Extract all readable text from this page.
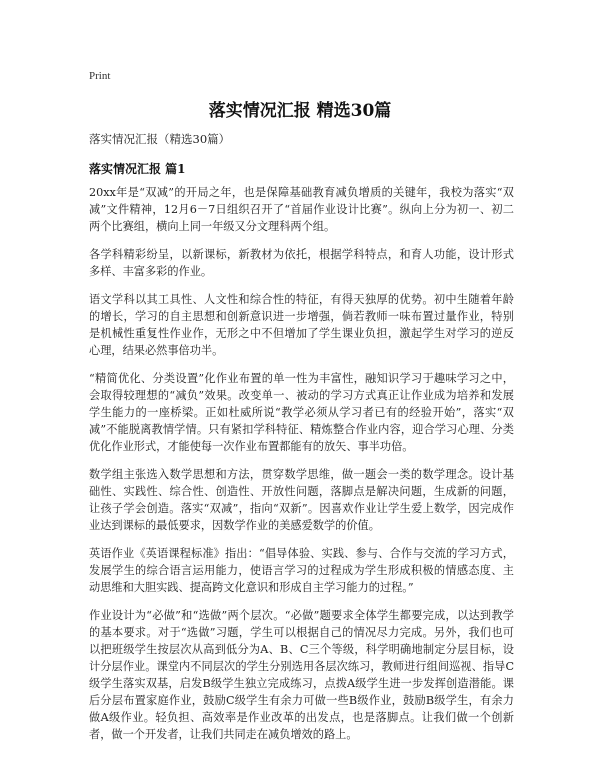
Print
落实情况汇报 精选30篇
落实情况汇报（精选30篇）
落实情况汇报 篇1

20xx年是“双减”的开局之年，也是保障基础教育减负增质的关键年，我校为落实“双减”文件精神，12月6－7日组织召开了“首届作业设计比赛”。纵向上分为初一、初二两个比赛组，横向上同一年级又分文理科两个组。

各学科精彩纷呈，以新课标，新教材为依托，根据学科特点，和育人功能，设计形式多样、丰富多彩的作业。

语文学科以其工具性、人文性和综合性的特征，有得天独厚的优势。初中生随着年龄的增长，学习的自主思想和创新意识进一步增强，倘若教师一味布置过量作业，特别是机械性重复性作业作，无形之中不但增加了学生课业负担，激起学生对学习的逆反心理，结果必然事倍功半。

“精简优化、分类设置”化作业布置的单一性为丰富性，融知识学习于趣味学习之中，会取得较理想的“减负”效果。改变单一、被动的学习方式真正让作业成为培养和发展学生能力的一座桥梁。正如杜威所说“教学必须从学习者已有的经验开始”，落实“双减”不能脱离教情学情。只有紧扣学科特征、精炼整合作业内容，迎合学习心理、分类优化作业形式，才能使每一次作业布置都能有的放矢、事半功倍。

数学组主张选入数学思想和方法，贯穿数学思维，做一题会一类的数学理念。设计基础性、实践性、综合性、创造性、开放性问题，落脚点是解决问题，生成新的问题，让孩子学会创造。落实“双减”，指向“双新”。因喜欢作业让学生爱上数学，因完成作业达到课标的最低要求，因数学作业的美感爱数学的价值。

英语作业《英语课程标准》指出：“倡导体验、实践、参与、合作与交流的学习方式，发展学生的综合语言运用能力，使语言学习的过程成为学生形成积极的情感态度、主动思维和大胆实践、提高跨文化意识和形成自主学习能力的过程。”

作业设计为“必做”和“选做”两个层次。“必做”题要求全体学生都要完成，以达到教学的基本要求。对于“选做”习题，学生可以根据自己的情况尽力完成。另外，我们也可以把班级学生按层次从高到低分为A、B、C三个等级，科学明确地制定分层目标，设计分层作业。课堂内不同层次的学生分别选用各层次练习，教师进行组间巡视、指导C级学生落实双基，启发B级学生独立完成练习，点拨A级学生进一步发挥创造潜能。课后分层布置家庭作业，鼓励C级学生有余力可做一些B级作业，鼓励B级学生，有余力做A级作业。轻负担、高效率是作业改革的出发点，也是落脚点。让我们做一个创新者，做一个开发者，让我们共同走在减负增效的路上。
